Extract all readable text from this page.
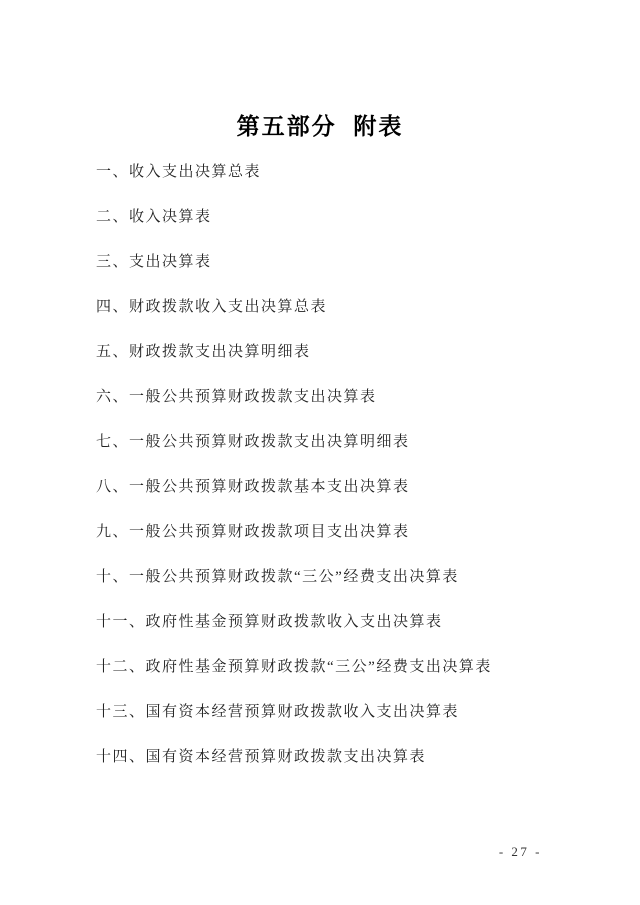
第五部分  附表
一、收入支出决算总表
二、收入决算表
三、支出决算表
四、财政拨款收入支出决算总表
五、财政拨款支出决算明细表
六、一般公共预算财政拨款支出决算表
七、一般公共预算财政拨款支出决算明细表
八、一般公共预算财政拨款基本支出决算表
九、一般公共预算财政拨款项目支出决算表
十、一般公共预算财政拨款“三公”经费支出决算表
十一、政府性基金预算财政拨款收入支出决算表
十二、政府性基金预算财政拨款“三公”经费支出决算表
十三、国有资本经营预算财政拨款收入支出决算表
十四、国有资本经营预算财政拨款支出决算表
- 27 -
